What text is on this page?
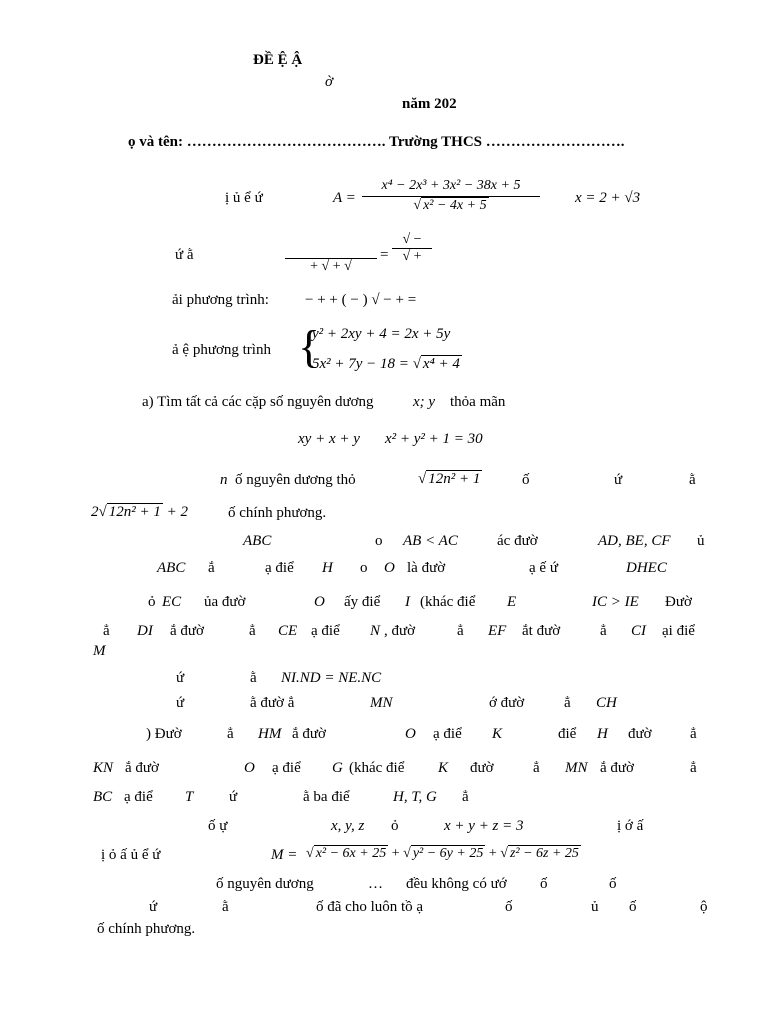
ĐỀ Ệ Ậ
ờ
năm 202
ọ và tên: …………………………………. Trường THCS ……………………….
ị ủ ể ứ	A =
x⁴ − 2x³ + 3x² − 38x + 5
√ x² − 4x + 5	x = 2 + √3
ứ ằ
+ √ + √
=
√ −
√ +
ải phương trình: − + + ( − ) √ − + =
ả ệ phương trình {
y² + 2xy + 4 = 2x + 5y
5x² + 7y − 18 = √ x⁴ + 4
a) Tìm tất cả các cặp số nguyên dương	x; y thỏa mãn
xy + x + y x² + y² + 1 = 30
n ố nguyên dương thỏ	√ 12n² + 1	ố	ứ	ằ
2√ 12n² + 1 + 2	ố chính phương.
ABC	o AB < AC	ác đườ	AD, BE, CF ủ
ABC ắ	ạ điể H o O là đườ	ạ ế ứ	DHEC
ỏ EC ủa đườ	O ấy điể I (khác điể E	IC > IE Đườ
ẳ DI ắ đườ	ẳ CE ạ điể N , đườ	ẳ EF ắt đườ	ẳ CI ại điể
M
ứ	ằ NI.ND = NE.NC
ứ	ằ đườ ẳ	MN	ớ đườ	ẳ CH
) Đườ	ẳ HM ắ đườ	O ạ điể K	điể H đườ	ẳ
KN ắ đườ	O ạ điể G (khác điể K đườ	ẳ MN ắ đườ	ẳ
BC ạ điể T ứ	ằ ba điể	H, T, G ẳ
ố ự	x, y, z ỏ	x + y + z = 3	ị ớ ấ
ị ỏ ấ ủ ể ứ	M = √ x² − 6x + 25 + √ y² − 6y + 25 + √ z² − 6z + 25
ố nguyên dương	… đều không có ướ ố	ố
ứ	ằ	ố đã cho luôn tồ ạ	ố	ủ ố	ộ
ố chính phương.
